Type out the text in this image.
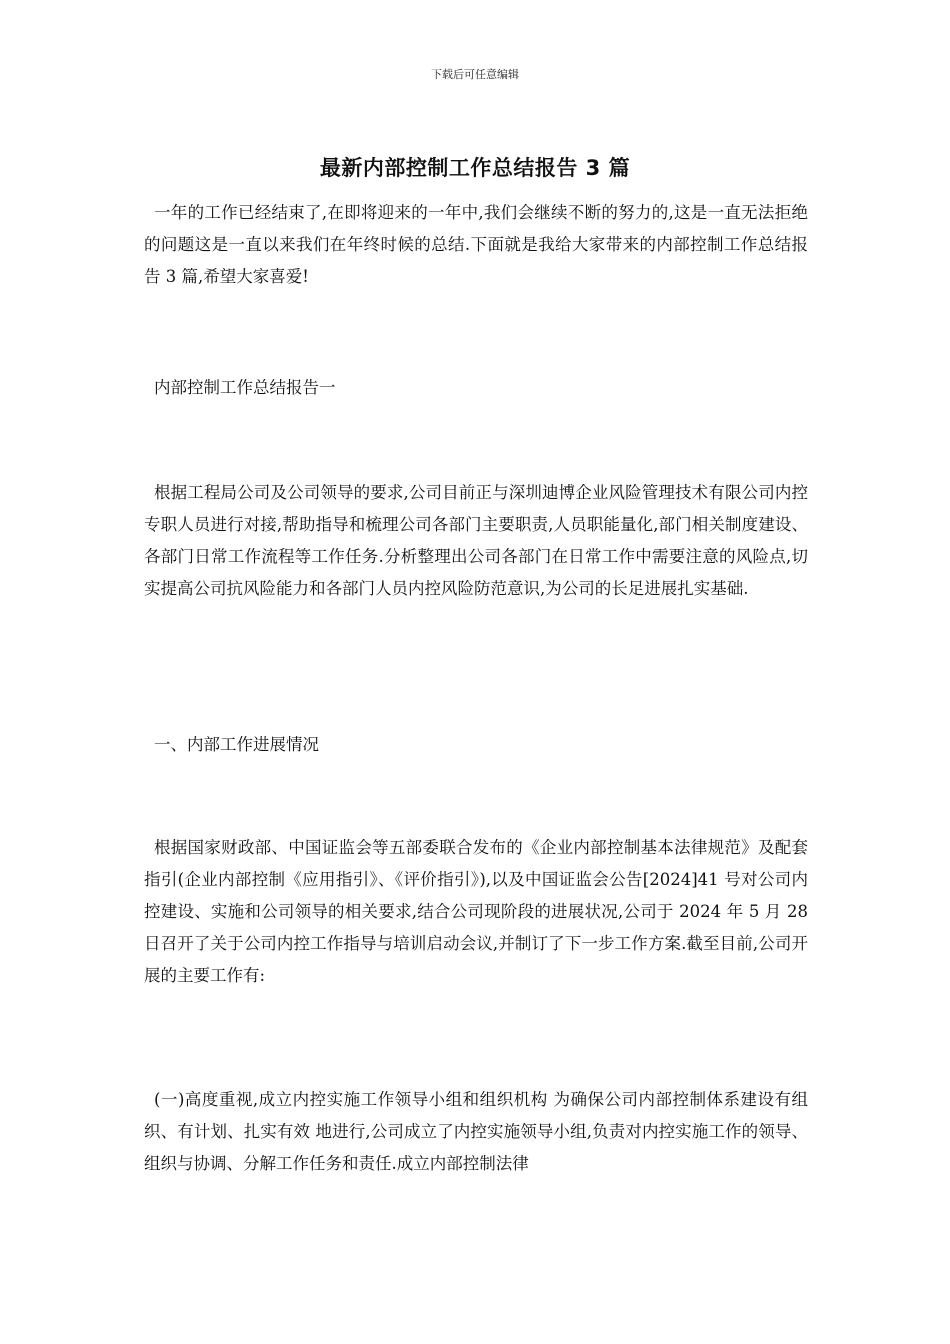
下载后可任意编辑
最新内部控制工作总结报告 3 篇

一年的工作已经结束了,在即将迎来的一年中,我们会继续不断的努力的,这是一直无法拒绝的问题这是一直以来我们在年终时候的总结.下面就是我给大家带来的内部控制工作总结报告 3 篇,希望大家喜爱!

内部控制工作总结报告一

根据工程局公司及公司领导的要求,公司目前正与深圳迪博企业风险管理技术有限公司内控专职人员进行对接,帮助指导和梳理公司各部门主要职责,人员职能量化,部门相关制度建设、各部门日常工作流程等工作任务.分析整理出公司各部门在日常工作中需要注意的风险点,切实提高公司抗风险能力和各部门人员内控风险防范意识,为公司的长足进展扎实基础.

一、内部工作进展情况

根据国家财政部、中国证监会等五部委联合发布的《企业内部控制基本法律规范》及配套指引(企业内部控制《应用指引》、《评价指引》),以及中国证监会公告[2024]41 号对公司内控建设、实施和公司领导的相关要求,结合公司现阶段的进展状况,公司于 2024 年 5 月 28 日召开了关于公司内控工作指导与培训启动会议,并制订了下一步工作方案.截至目前,公司开展的主要工作有:

(一)高度重视,成立内控实施工作领导小组和组织机构 为确保公司内部控制体系建设有组织、有计划、扎实有效 地进行,公司成立了内控实施领导小组,负责对内控实施工作的领导、组织与协调、分解工作任务和责任.成立内部控制法律
